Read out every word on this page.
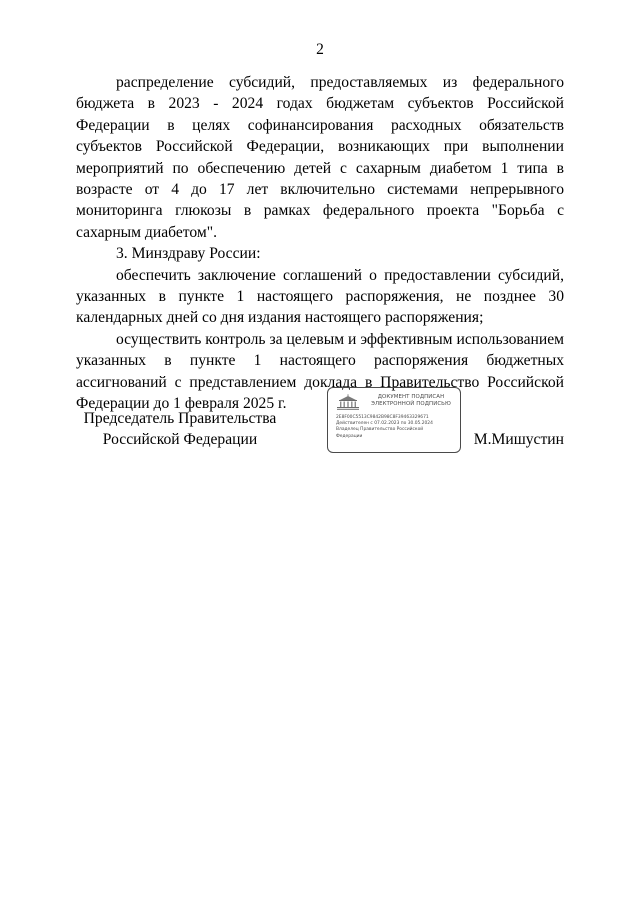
2

распределение субсидий, предоставляемых из федерального бюджета в 2023 - 2024 годах бюджетам субъектов Российской Федерации в целях софинансирования расходных обязательств субъектов Российской Федерации, возникающих при выполнении мероприятий по обеспечению детей с сахарным диабетом 1 типа в возрасте от 4 до 17 лет включительно системами непрерывного мониторинга глюкозы в рамках федерального проекта "Борьба с сахарным диабетом".

3. Минздраву России:

обеспечить заключение соглашений о предоставлении субсидий, указанных в пункте 1 настоящего распоряжения, не позднее 30 календарных дней со дня издания настоящего распоряжения;

осуществить контроль за целевым и эффективным использованием указанных в пункте 1 настоящего распоряжения бюджетных ассигнований с представлением доклада в Правительство Российской Федерации до 1 февраля 2025 г.

Председатель Правительства
Российской Федерации
ДОКУМЕНТ ПОДПИСАН
ЭЛЕКТРОННОЙ ПОДПИСЬЮ
2E8F00C5513C9842B98C8F39463329671
Действителен с 07.02.2023 по 30.05.2024
Владелец Правительство Российской
Федерации	М.Мишустин
